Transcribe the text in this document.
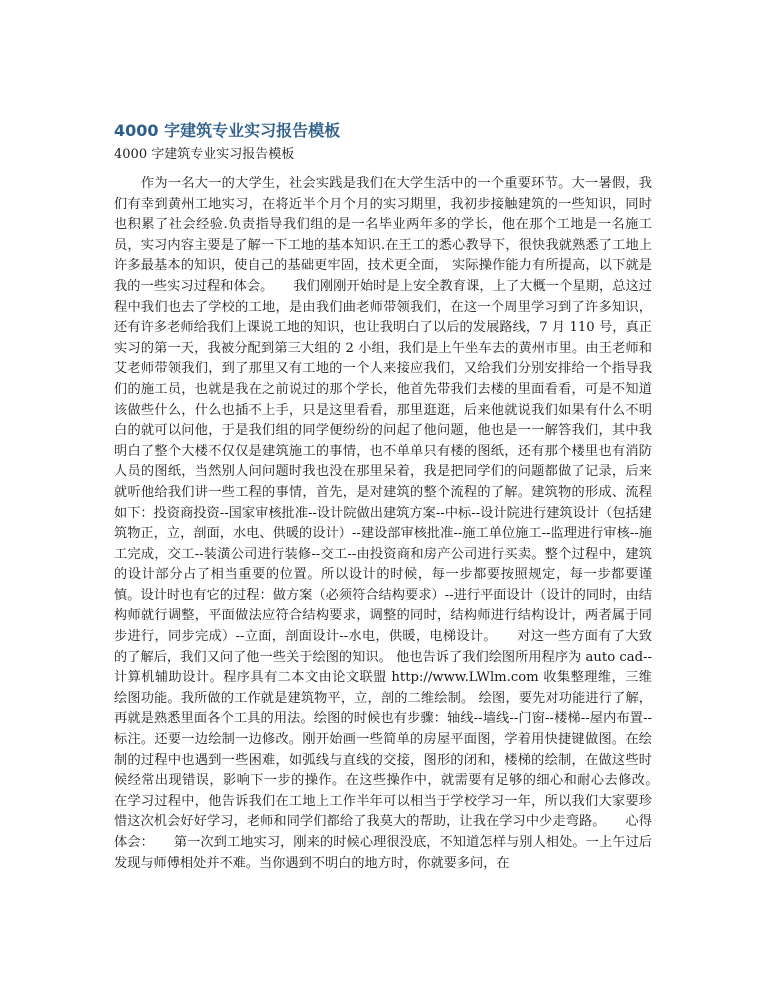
4000 字建筑专业实习报告模板
4000 字建筑专业实习报告模板

　　作为一名大一的大学生，社会实践是我们在大学生活中的一个重要环节。大一暑假，我们有幸到黄州工地实习，在将近半个月个月的实习期里，我初步接触建筑的一些知识，同时也积累了社会经验.负责指导我们组的是一名毕业两年多的学长，他在那个工地是一名施工员，实习内容主要是了解一下工地的基本知识.在王工的悉心教导下，很快我就熟悉了工地上许多最基本的知识，使自己的基础更牢固，技术更全面， 实际操作能力有所提高，以下就是我的一些实习过程和体会。　　我们刚刚开始时是上安全教育课，上了大概一个星期，总这过程中我们也去了学校的工地，是由我们曲老师带领我们，在这一个周里学习到了许多知识，还有许多老师给我们上课说工地的知识，也让我明白了以后的发展路线，7 月 110 号，真正实习的第一天，我被分配到第三大组的 2 小组，我们是上午坐车去的黄州市里。由王老师和艾老师带领我们，到了那里又有工地的一个人来接应我们，又给我们分别安排给一个指导我们的施工员，也就是我在之前说过的那个学长，他首先带我们去楼的里面看看，可是不知道该做些什么，什么也插不上手，只是这里看看，那里逛逛，后来他就说我们如果有什么不明白的就可以问他，于是我们组的同学便纷纷的问起了他问题，他也是一一解答我们，其中我明白了整个大楼不仅仅是建筑施工的事情，也不单单只有楼的图纸，还有那个楼里也有消防人员的图纸，当然别人问问题时我也没在那里呆着，我是把同学们的问题都做了记录，后来就听他给我们讲一些工程的事情，首先，是对建筑的整个流程的了解。建筑物的形成、流程如下：投资商投资--国家审核批准--设计院做出建筑方案--中标--设计院进行建筑设计（包括建筑物正，立，剖面，水电、供暖的设计）--建设部审核批准--施工单位施工--监理进行审核--施工完成，交工--装潢公司进行装修--交工--由投资商和房产公司进行买卖。整个过程中，建筑的设计部分占了相当重要的位置。所以设计的时候，每一步都要按照规定，每一步都要谨慎。设计时也有它的过程：做方案（必须符合结构要求）--进行平面设计（设计的同时，由结构师就行调整，平面做法应符合结构要求，调整的同时，结构师进行结构设计，两者属于同步进行，同步完成）--立面，剖面设计--水电，供暖，电梯设计。　　对这一些方面有了大致的了解后，我们又问了他一些关于绘图的知识。 他也告诉了我们绘图所用程序为 auto cad--计算机辅助设计。程序具有二本文由论文联盟 http://www.LWlm.com 收集整理维，三维绘图功能。我所做的工作就是建筑物平，立，剖的二维绘制。 绘图，要先对功能进行了解，再就是熟悉里面各个工具的用法。绘图的时候也有步骤：轴线--墙线--门窗--楼梯--屋内布置--标注。还要一边绘制一边修改。刚开始画一些简单的房屋平面图，学着用快捷键做图。在绘制的过程中也遇到一些困难，如弧线与直线的交接，图形的闭和，楼梯的绘制，在做这些时候经常出现错误，影响下一步的操作。在这些操作中，就需要有足够的细心和耐心去修改。　　在学习过程中，他告诉我们在工地上工作半年可以相当于学校学习一年，所以我们大家要珍惜这次机会好好学习，老师和同学们都给了我莫大的帮助，让我在学习中少走弯路。　　心得体会：　　第一次到工地实习，刚来的时候心理很没底，不知道怎样与别人相处。一上午过后发现与师傅相处并不难。当你遇到不明白的地方时，你就要多问，在
